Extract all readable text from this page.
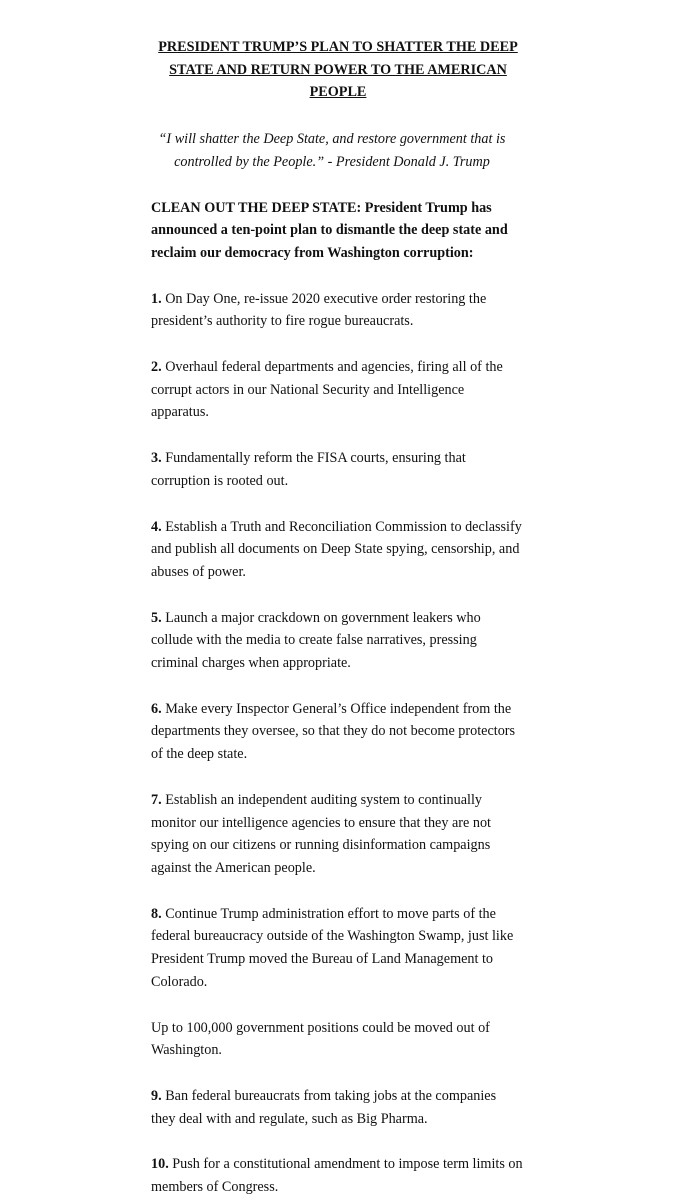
PRESIDENT TRUMP’S PLAN TO SHATTER THE DEEP STATE AND RETURN POWER TO THE AMERICAN PEOPLE
“I will shatter the Deep State, and restore government that is controlled by the People.” - President Donald J. Trump
CLEAN OUT THE DEEP STATE: President Trump has announced a ten-point plan to dismantle the deep state and reclaim our democracy from Washington corruption:
1. On Day One, re-issue 2020 executive order restoring the president’s authority to fire rogue bureaucrats.
2. Overhaul federal departments and agencies, firing all of the corrupt actors in our National Security and Intelligence apparatus.
3. Fundamentally reform the FISA courts, ensuring that corruption is rooted out.
4. Establish a Truth and Reconciliation Commission to declassify and publish all documents on Deep State spying, censorship, and abuses of power.
5. Launch a major crackdown on government leakers who collude with the media to create false narratives, pressing criminal charges when appropriate.
6. Make every Inspector General’s Office independent from the departments they oversee, so that they do not become protectors of the deep state.
7. Establish an independent auditing system to continually monitor our intelligence agencies to ensure that they are not spying on our citizens or running disinformation campaigns against the American people.
8. Continue Trump administration effort to move parts of the federal bureaucracy outside of the Washington Swamp, just like President Trump moved the Bureau of Land Management to Colorado.
Up to 100,000 government positions could be moved out of Washington.
9. Ban federal bureaucrats from taking jobs at the companies they deal with and regulate, such as Big Pharma.
10. Push for a constitutional amendment to impose term limits on members of Congress.
